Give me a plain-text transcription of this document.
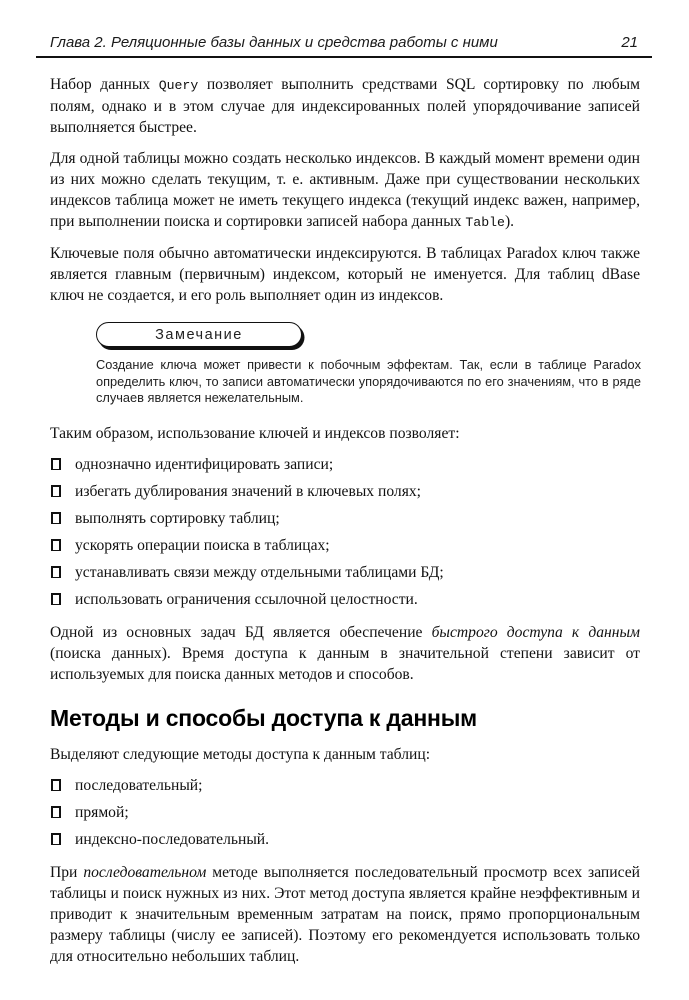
Глава 2. Реляционные базы данных и средства работы с ними	21

Набор данных Query позволяет выполнить средствами SQL сортировку по любым полям, однако и в этом случае для индексированных полей упорядочивание записей выполняется быстрее.

Для одной таблицы можно создать несколько индексов. В каждый момент времени один из них можно сделать текущим, т. е. активным. Даже при существовании нескольких индексов таблица может не иметь текущего индекса (текущий индекс важен, например, при выполнении поиска и сортировки записей набора данных Table).

Ключевые поля обычно автоматически индексируются. В таблицах Paradox ключ также является главным (первичным) индексом, который не именуется. Для таблиц dBase ключ не создается, и его роль выполняет один из индексов.

Замечание
Создание ключа может привести к побочным эффектам. Так, если в таблице Paradox определить ключ, то записи автоматически упорядочиваются по его значениям, что в ряде случаев является нежелательным.

Таким образом, использование ключей и индексов позволяет:

однозначно идентифицировать записи;
избегать дублирования значений в ключевых полях;
выполнять сортировку таблиц;
ускорять операции поиска в таблицах;
устанавливать связи между отдельными таблицами БД;
использовать ограничения ссылочной целостности.

Одной из основных задач БД является обеспечение быстрого доступа к данным (поиска данных). Время доступа к данным в значительной степени зависит от используемых для поиска данных методов и способов.

Методы и способы доступа к данным

Выделяют следующие методы доступа к данным таблиц:

последовательный;
прямой;
индексно-последовательный.

При последовательном методе выполняется последовательный просмотр всех записей таблицы и поиск нужных из них. Этот метод доступа является крайне неэффективным и приводит к значительным временным затратам на поиск, прямо пропорциональным размеру таблицы (числу ее записей). Поэтому его рекомендуется использовать только для относительно небольших таблиц.
